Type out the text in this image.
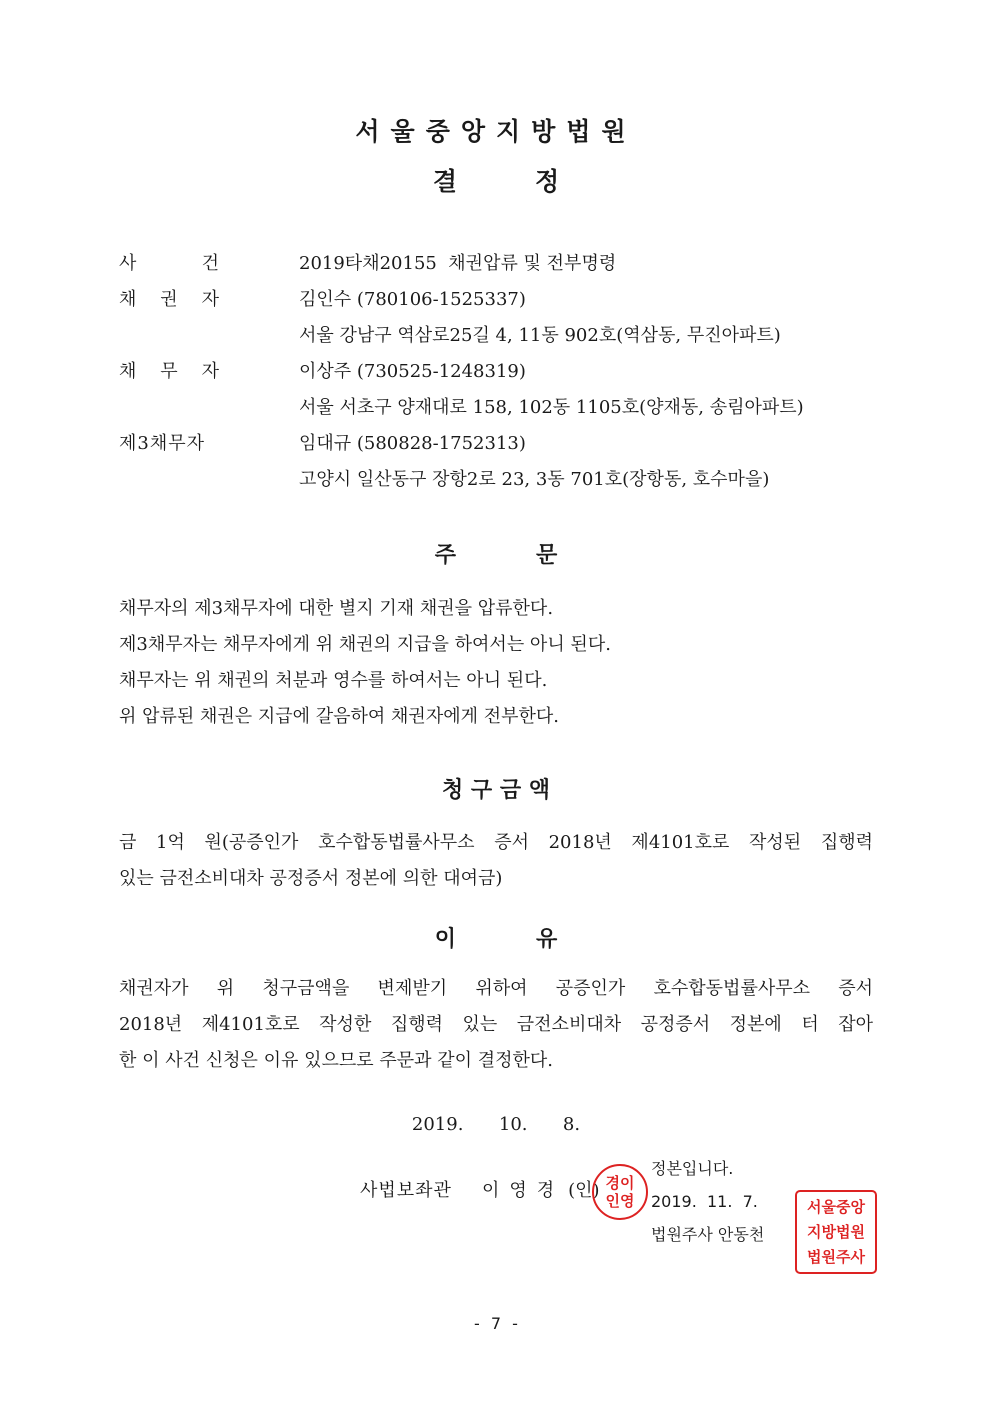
서울중앙지방법원
결	정
사	건	2019타채20155  채권압류 및 전부명령
채 권 자	김인수 (780106-1525337)
서울 강남구 역삼로25길 4, 11동 902호(역삼동, 무진아파트)
채 무 자	이상주 (730525-1248319)
서울 서초구 양재대로 158, 102동 1105호(양재동, 송림아파트)
제3채무자	임대규 (580828-1752313)
고양시 일산동구 장항2로 23, 3동 701호(장항동, 호수마을)
주	문
채무자의 제3채무자에 대한 별지 기재 채권을 압류한다.
제3채무자는 채무자에게 위 채권의 지급을 하여서는 아니 된다.
채무자는 위 채권의 처분과 영수를 하여서는 아니 된다.
위 압류된 채권은 지급에 갈음하여 채권자에게 전부한다.
청 구 금 액
금 1억 원(공증인가 호수합동법률사무소 증서 2018년 제4101호로 작성된 집행력
있는 금전소비대차 공정증서 정본에 의한 대여금)
이	유
채권자가 위 청구금액을 변제받기 위하여 공증인가 호수합동법률사무소 증서
2018년 제4101호로 작성한 집행력 있는 금전소비대차 공정증서 정본에 터 잡아
한 이 사건 신청은 이유 있으므로 주문과 같이 결정한다.
2019.  10.  8.
사법보좌관 이영경 (인) 경이
인영
정본입니다.
2019.  11.  7.
법원주사 안동천
서울중앙
지방법원
법원주사
- 7 -
